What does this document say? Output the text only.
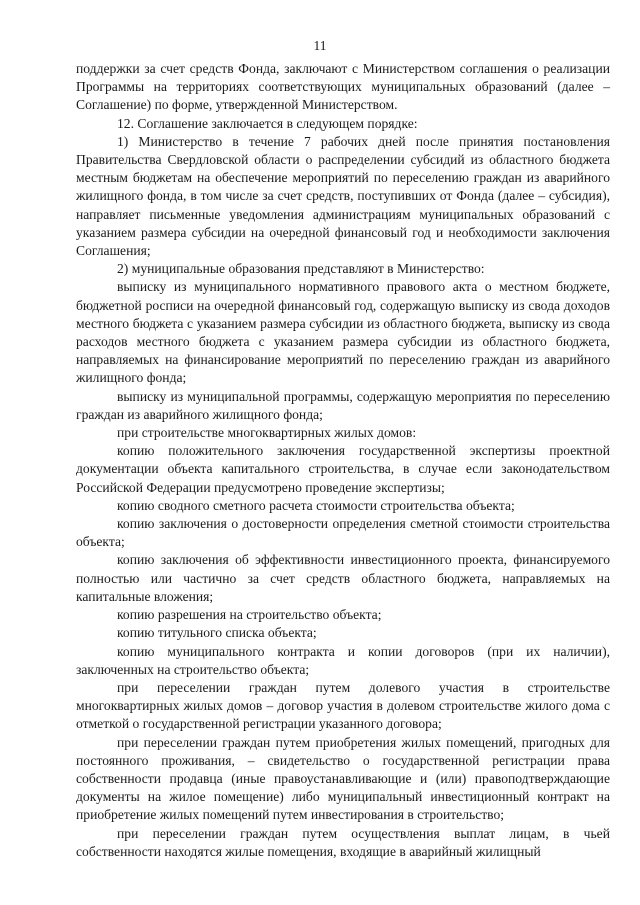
11

поддержки за счет средств Фонда, заключают с Министерством соглашения о реализации Программы на территориях соответствующих муниципальных образований (далее – Соглашение) по форме, утвержденной Министерством.

12. Соглашение заключается в следующем порядке:

1) Министерство в течение 7 рабочих дней после принятия постановления Правительства Свердловской области о распределении субсидий из областного бюджета местным бюджетам на обеспечение мероприятий по переселению граждан из аварийного жилищного фонда, в том числе за счет средств, поступивших от Фонда (далее – субсидия), направляет письменные уведомления администрациям муниципальных образований с указанием размера субсидии на очередной финансовый год и необходимости заключения Соглашения;

2) муниципальные образования представляют в Министерство:

выписку из муниципального нормативного правового акта о местном бюджете, бюджетной росписи на очередной финансовый год, содержащую выписку из свода доходов местного бюджета с указанием размера субсидии из областного бюджета, выписку из свода расходов местного бюджета с указанием размера субсидии из областного бюджета, направляемых на финансирование мероприятий по переселению граждан из аварийного жилищного фонда;

выписку из муниципальной программы, содержащую мероприятия по переселению граждан из аварийного жилищного фонда;

при строительстве многоквартирных жилых домов:

копию положительного заключения государственной экспертизы проектной документации объекта капитального строительства, в случае если законодательством Российской Федерации предусмотрено проведение экспертизы;

копию сводного сметного расчета стоимости строительства объекта;

копию заключения о достоверности определения сметной стоимости строительства объекта;

копию заключения об эффективности инвестиционного проекта, финансируемого полностью или частично за счет средств областного бюджета, направляемых на капитальные вложения;

копию разрешения на строительство объекта;

копию титульного списка объекта;

копию муниципального контракта и копии договоров (при их наличии), заключенных на строительство объекта;

при переселении граждан путем долевого участия в строительстве многоквартирных жилых домов – договор участия в долевом строительстве жилого дома с отметкой о государственной регистрации указанного договора;

при переселении граждан путем приобретения жилых помещений, пригодных для постоянного проживания, – свидетельство о государственной регистрации права собственности продавца (иные правоустанавливающие и (или) правоподтверждающие документы на жилое помещение) либо муниципальный инвестиционный контракт на приобретение жилых помещений путем инвестирования в строительство;

при переселении граждан путем осуществления выплат лицам, в чьей собственности находятся жилые помещения, входящие в аварийный жилищный
